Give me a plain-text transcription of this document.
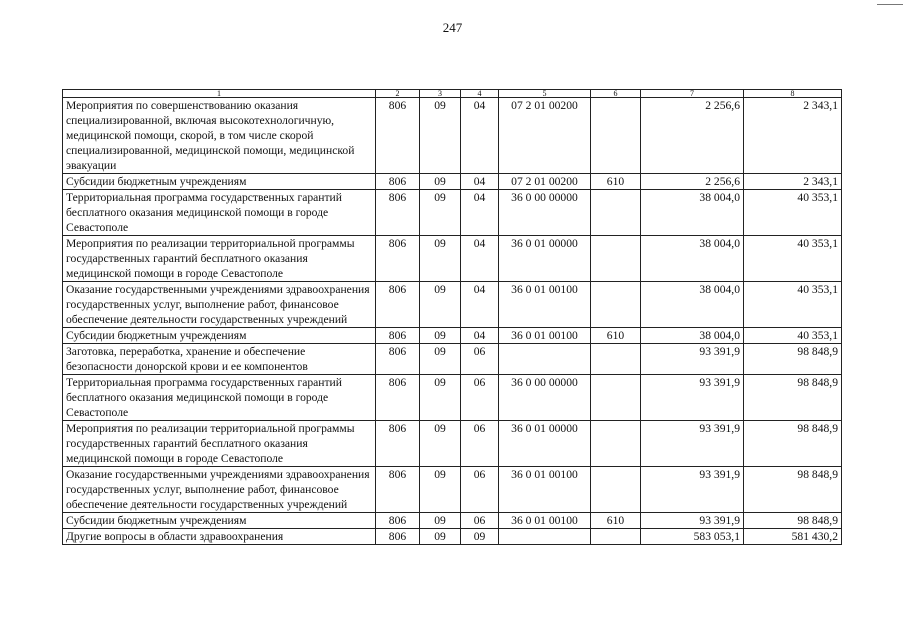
247
1	2	3	4	5	6	7	8
Мероприятия по совершенствованию оказания специализированной, включая высокотехнологичную, медицинской помощи, скорой, в том числе скорой специализированной, медицинской помощи, медицинской эвакуации	806	09	04	07 2 01 00200		2 256,6	2 343,1
Субсидии бюджетным учреждениям	806	09	04	07 2 01 00200	610	2 256,6	2 343,1
Территориальная программа государственных гарантий бесплатного оказания медицинской помощи в городе Севастополе	806	09	04	36 0 00 00000		38 004,0	40 353,1
Мероприятия по реализации территориальной программы государственных гарантий бесплатного оказания медицинской помощи в городе Севастополе	806	09	04	36 0 01 00000		38 004,0	40 353,1
Оказание государственными учреждениями здравоохранения государственных услуг, выполнение работ, финансовое обеспечение деятельности государственных учреждений	806	09	04	36 0 01 00100		38 004,0	40 353,1
Субсидии бюджетным учреждениям	806	09	04	36 0 01 00100	610	38 004,0	40 353,1
Заготовка, переработка, хранение и обеспечение безопасности донорской крови и ее компонентов	806	09	06			93 391,9	98 848,9
Территориальная программа государственных гарантий бесплатного оказания медицинской помощи в городе Севастополе	806	09	06	36 0 00 00000		93 391,9	98 848,9
Мероприятия по реализации территориальной программы государственных гарантий бесплатного оказания медицинской помощи в городе Севастополе	806	09	06	36 0 01 00000		93 391,9	98 848,9
Оказание государственными учреждениями здравоохранения государственных услуг, выполнение работ, финансовое обеспечение деятельности государственных учреждений	806	09	06	36 0 01 00100		93 391,9	98 848,9
Субсидии бюджетным учреждениям	806	09	06	36 0 01 00100	610	93 391,9	98 848,9
Другие вопросы в области здравоохранения	806	09	09			583 053,1	581 430,2
